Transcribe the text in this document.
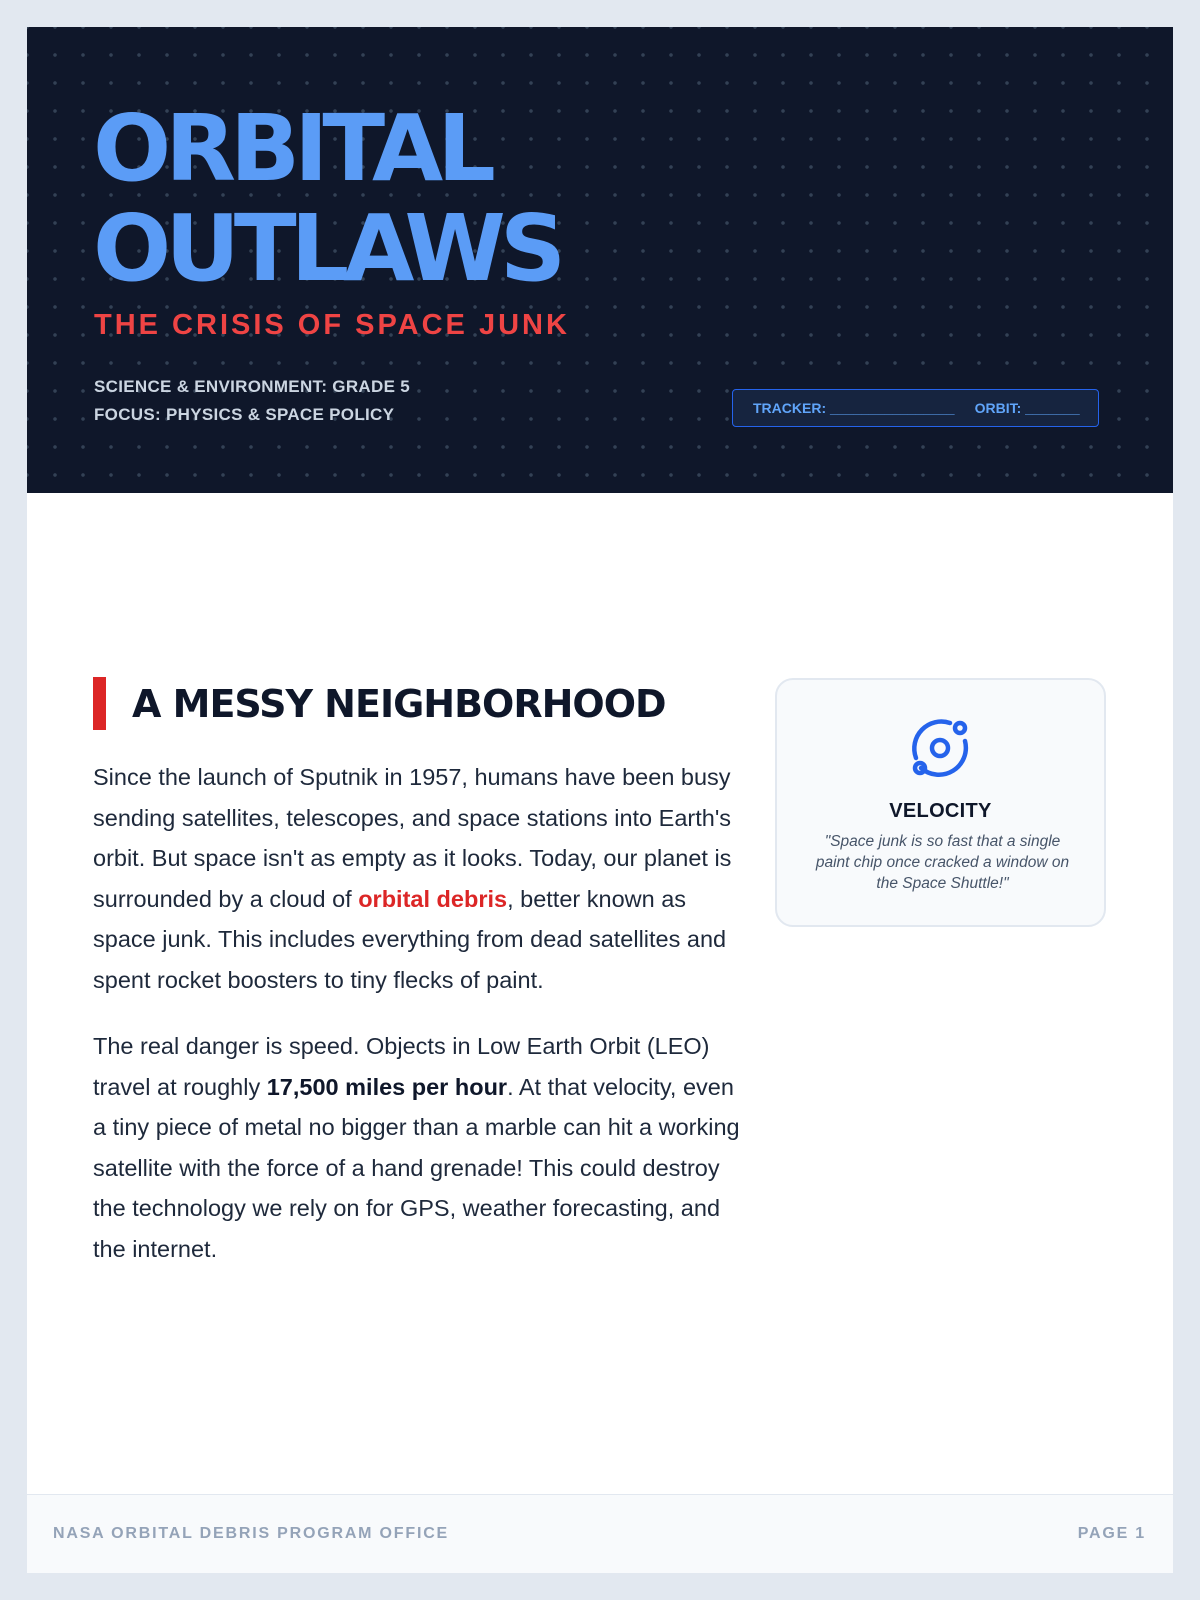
ORBITAL
OUTLAWS
THE CRISIS OF SPACE JUNK
SCIENCE & ENVIRONMENT: GRADE 5
FOCUS: PHYSICS & SPACE POLICY	TRACKER: ________________ ORBIT: _______
A MESSY NEIGHBORHOOD

Since the launch of Sputnik in 1957, humans have been busy sending satellites, telescopes, and space stations into Earth's orbit. But space isn't as empty as it looks. Today, our planet is surrounded by a cloud of orbital debris, better known as space junk. This includes everything from dead satellites and spent rocket boosters to tiny flecks of paint.

The real danger is speed. Objects in Low Earth Orbit (LEO) travel at roughly 17,500 miles per hour. At that velocity, even a tiny piece of metal no bigger than a marble can hit a working satellite with the force of a hand grenade! This could destroy the technology we rely on for GPS, weather forecasting, and the internet.

VELOCITY
"Space junk is so fast that a single paint chip once cracked a window on the Space Shuttle!"
NASA ORBITAL DEBRIS PROGRAM OFFICE	PAGE 1
